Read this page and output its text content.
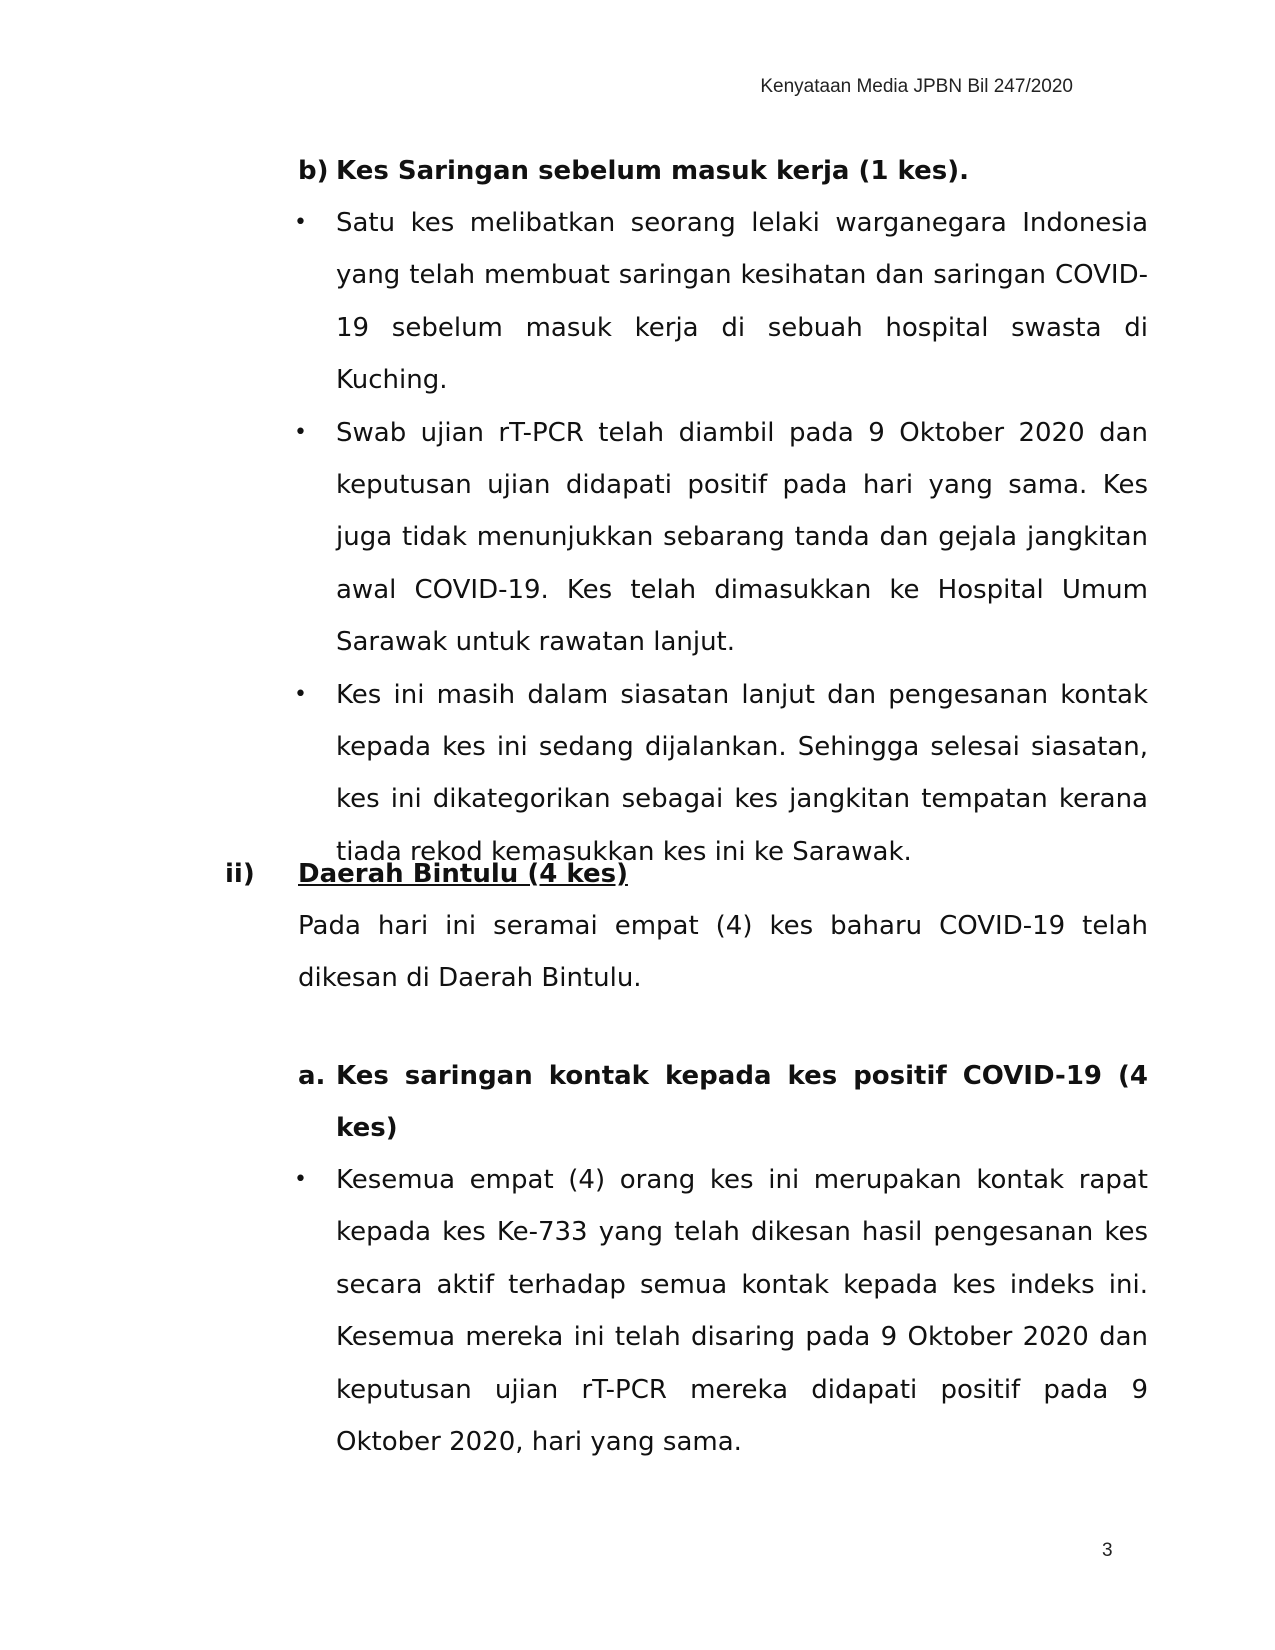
Kenyataan Media JPBN Bil 247/2020
b) Kes Saringan sebelum masuk kerja (1 kes).
• Satu kes melibatkan seorang lelaki warganegara Indonesia yang telah membuat saringan kesihatan dan saringan COVID-19 sebelum masuk kerja di sebuah hospital swasta di Kuching.
• Swab ujian rT-PCR telah diambil pada 9 Oktober 2020 dan keputusan ujian didapati positif pada hari yang sama. Kes juga tidak menunjukkan sebarang tanda dan gejala jangkitan awal COVID-19. Kes telah dimasukkan ke Hospital Umum Sarawak untuk rawatan lanjut.
• Kes ini masih dalam siasatan lanjut dan pengesanan kontak kepada kes ini sedang dijalankan. Sehingga selesai siasatan, kes ini dikategorikan sebagai kes jangkitan tempatan kerana tiada rekod kemasukkan kes ini ke Sarawak.
ii)	Daerah Bintulu (4 kes)

Pada hari ini seramai empat (4) kes baharu COVID-19 telah dikesan di Daerah Bintulu.

a. Kes saringan kontak kepada kes positif COVID-19 (4 kes)
• Kesemua empat (4) orang kes ini merupakan kontak rapat kepada kes Ke-733 yang telah dikesan hasil pengesanan kes secara aktif terhadap semua kontak kepada kes indeks ini. Kesemua mereka ini telah disaring pada 9 Oktober 2020 dan keputusan ujian rT-PCR mereka didapati positif pada 9 Oktober 2020, hari yang sama.
3
